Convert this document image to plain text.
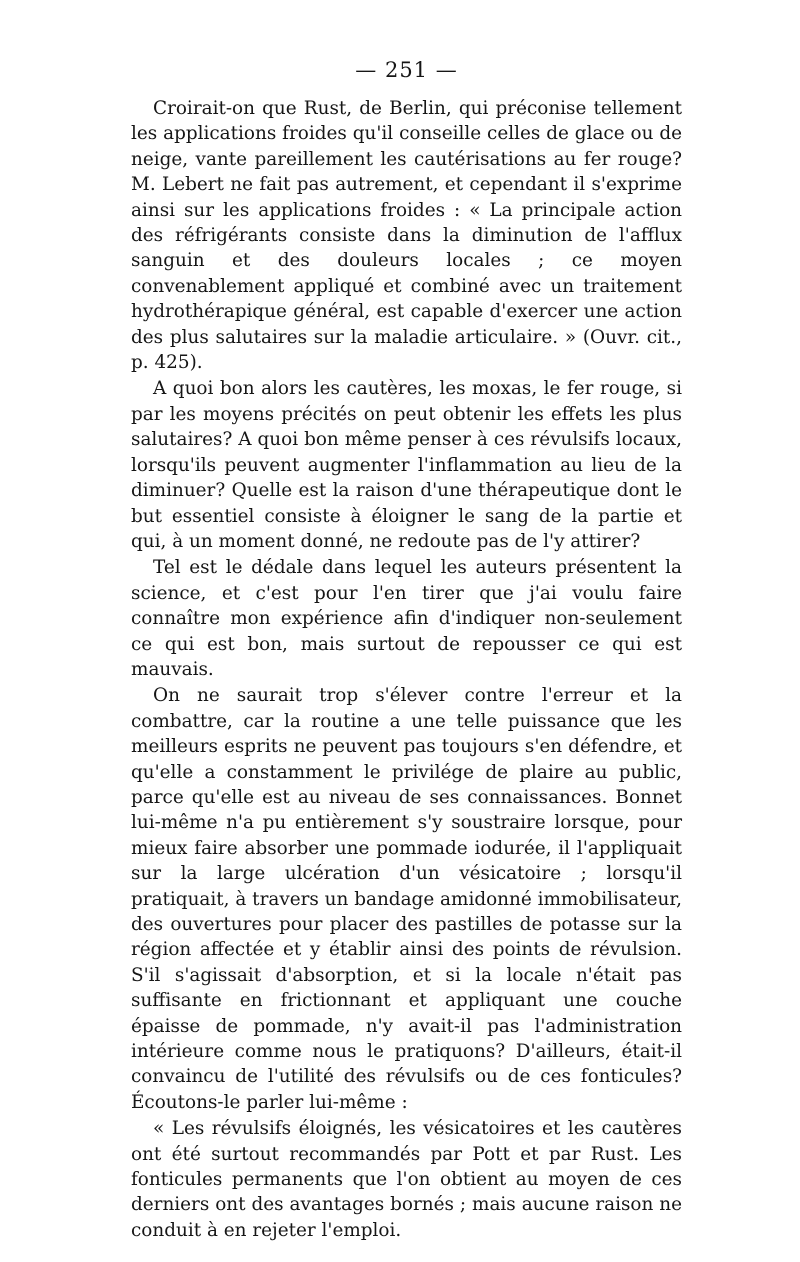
— 251 —

Croirait-on que Rust, de Berlin, qui préconise tellement les applications froides qu'il conseille celles de glace ou de neige, vante pareillement les cautérisations au fer rouge? M. Lebert ne fait pas autrement, et cependant il s'exprime ainsi sur les applications froides : « La principale action des réfrigérants consiste dans la diminution de l'afflux sanguin et des douleurs locales ; ce moyen convenablement appliqué et combiné avec un traitement hydrothérapique général, est capable d'exercer une action des plus salutaires sur la maladie articulaire. » (Ouvr. cit., p. 425).

A quoi bon alors les cautères, les moxas, le fer rouge, si par les moyens précités on peut obtenir les effets les plus salutaires? A quoi bon même penser à ces révulsifs locaux, lorsqu'ils peuvent augmenter l'inflammation au lieu de la diminuer? Quelle est la raison d'une thérapeutique dont le but essentiel consiste à éloigner le sang de la partie et qui, à un moment donné, ne redoute pas de l'y attirer?

Tel est le dédale dans lequel les auteurs présentent la science, et c'est pour l'en tirer que j'ai voulu faire connaître mon expérience afin d'indiquer non-seulement ce qui est bon, mais surtout de repousser ce qui est mauvais.

On ne saurait trop s'élever contre l'erreur et la combattre, car la routine a une telle puissance que les meilleurs esprits ne peuvent pas toujours s'en défendre, et qu'elle a constamment le privilége de plaire au public, parce qu'elle est au niveau de ses connaissances. Bonnet lui-même n'a pu entièrement s'y soustraire lorsque, pour mieux faire absorber une pommade iodurée, il l'appliquait sur la large ulcération d'un vésicatoire ; lorsqu'il pratiquait, à travers un bandage amidonné immobilisateur, des ouvertures pour placer des pastilles de potasse sur la région affectée et y établir ainsi des points de révulsion. S'il s'agissait d'absorption, et si la locale n'était pas suffisante en frictionnant et appliquant une couche épaisse de pommade, n'y avait-il pas l'administration intérieure comme nous le pratiquons? D'ailleurs, était-il convaincu de l'utilité des révulsifs ou de ces fonticules? Écoutons-le parler lui-même :

« Les révulsifs éloignés, les vésicatoires et les cautères ont été surtout recommandés par Pott et par Rust. Les fonticules permanents que l'on obtient au moyen de ces derniers ont des avantages bornés ; mais aucune raison ne conduit à en rejeter l'emploi.
